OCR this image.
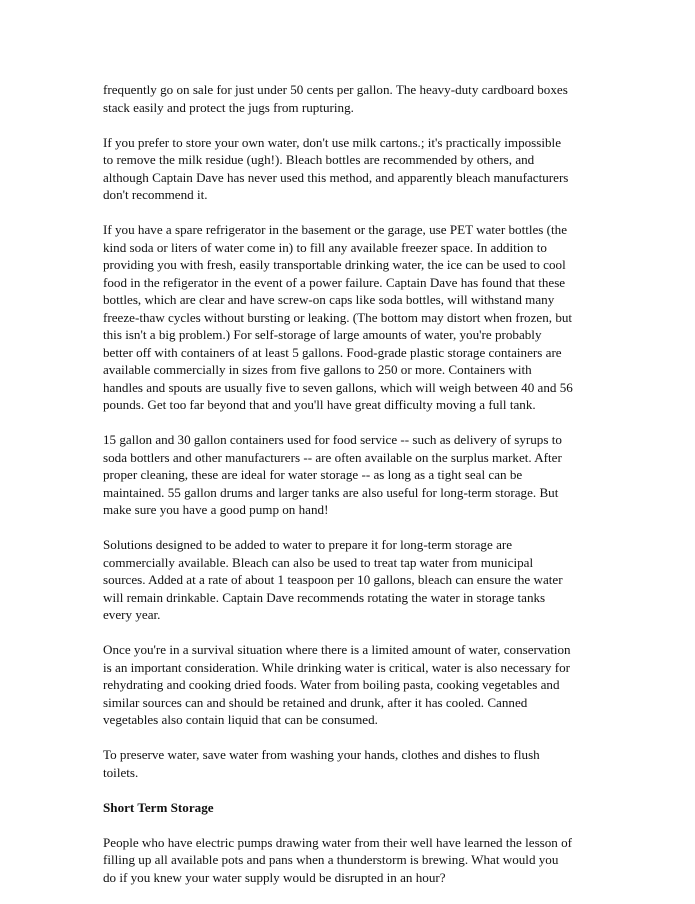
frequently go on sale for just under 50 cents per gallon. The heavy-duty cardboard boxes
stack easily and protect the jugs from rupturing.

If you prefer to store your own water, don't use milk cartons.; it's practically impossible
to remove the milk residue (ugh!). Bleach bottles are recommended by others, and
although Captain Dave has never used this method, and apparently bleach manufacturers
don't recommend it.

If you have a spare refrigerator in the basement or the garage, use PET water bottles (the
kind soda or liters of water come in) to fill any available freezer space. In addition to
providing you with fresh, easily transportable drinking water, the ice can be used to cool
food in the refigerator in the event of a power failure. Captain Dave has found that these
bottles, which are clear and have screw-on caps like soda bottles, will withstand many
freeze-thaw cycles without bursting or leaking. (The bottom may distort when frozen, but
this isn't a big problem.) For self-storage of large amounts of water, you're probably
better off with containers of at least 5 gallons. Food-grade plastic storage containers are
available commercially in sizes from five gallons to 250 or more. Containers with
handles and spouts are usually five to seven gallons, which will weigh between 40 and 56
pounds. Get too far beyond that and you'll have great difficulty moving a full tank.

15 gallon and 30 gallon containers used for food service -- such as delivery of syrups to
soda bottlers and other manufacturers -- are often available on the surplus market. After
proper cleaning, these are ideal for water storage -- as long as a tight seal can be
maintained. 55 gallon drums and larger tanks are also useful for long-term storage. But
make sure you have a good pump on hand!

Solutions designed to be added to water to prepare it for long-term storage are
commercially available. Bleach can also be used to treat tap water from municipal
sources. Added at a rate of about 1 teaspoon per 10 gallons, bleach can ensure the water
will remain drinkable. Captain Dave recommends rotating the water in storage tanks
every year.

Once you're in a survival situation where there is a limited amount of water, conservation
is an important consideration. While drinking water is critical, water is also necessary for
rehydrating and cooking dried foods. Water from boiling pasta, cooking vegetables and
similar sources can and should be retained and drunk, after it has cooled. Canned
vegetables also contain liquid that can be consumed.

To preserve water, save water from washing your hands, clothes and dishes to flush
toilets.

Short Term Storage

People who have electric pumps drawing water from their well have learned the lesson of
filling up all available pots and pans when a thunderstorm is brewing. What would you
do if you knew your water supply would be disrupted in an hour?
